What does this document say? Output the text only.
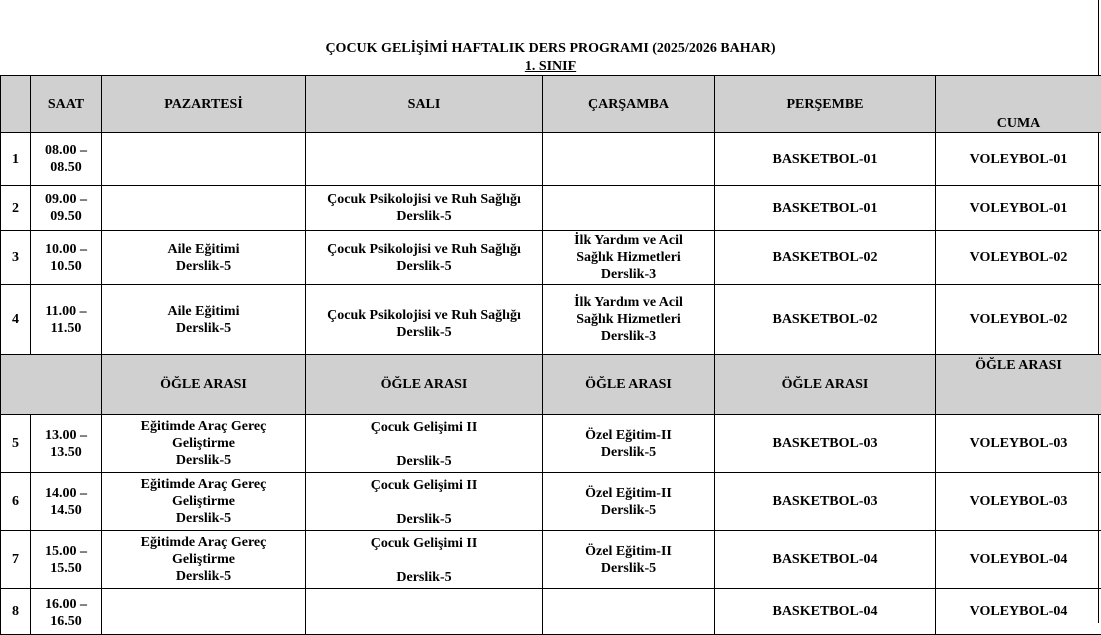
ÇOCUK GELİŞİMİ HAFTALIK DERS PROGRAMI (2025/2026 BAHAR)
1. SINIF
	SAAT	PAZARTESİ	SALI	ÇARŞAMBA	PERŞEMBE	CUMA
1	08.00 –
08.50				BASKETBOL-01	VOLEYBOL-01
2	09.00 –
09.50		Çocuk Psikolojisi ve Ruh Sağlığı
Derslik-5		BASKETBOL-01	VOLEYBOL-01
3	10.00 –
10.50	Aile Eğitimi
Derslik-5	Çocuk Psikolojisi ve Ruh Sağlığı
Derslik-5	İlk Yardım ve Acil
Sağlık Hizmetleri
Derslik-3	BASKETBOL-02	VOLEYBOL-02
4	11.00 –
11.50	Aile Eğitimi
Derslik-5	Çocuk Psikolojisi ve Ruh Sağlığı
Derslik-5	İlk Yardım ve Acil
Sağlık Hizmetleri
Derslik-3	BASKETBOL-02	VOLEYBOL-02
		ÖĞLE ARASI	ÖĞLE ARASI	ÖĞLE ARASI	ÖĞLE ARASI	ÖĞLE ARASI
5	13.00 –
13.50	Eğitimde Araç Gereç
Geliştirme
Derslik-5	Çocuk Gelişimi II
Derslik-5	Özel Eğitim-II
Derslik-5	BASKETBOL-03	VOLEYBOL-03
6	14.00 –
14.50	Eğitimde Araç Gereç
Geliştirme
Derslik-5	Çocuk Gelişimi II
Derslik-5	Özel Eğitim-II
Derslik-5	BASKETBOL-03	VOLEYBOL-03
7	15.00 –
15.50	Eğitimde Araç Gereç
Geliştirme
Derslik-5	Çocuk Gelişimi II
Derslik-5	Özel Eğitim-II
Derslik-5	BASKETBOL-04	VOLEYBOL-04
8	16.00 –
16.50				BASKETBOL-04	VOLEYBOL-04
